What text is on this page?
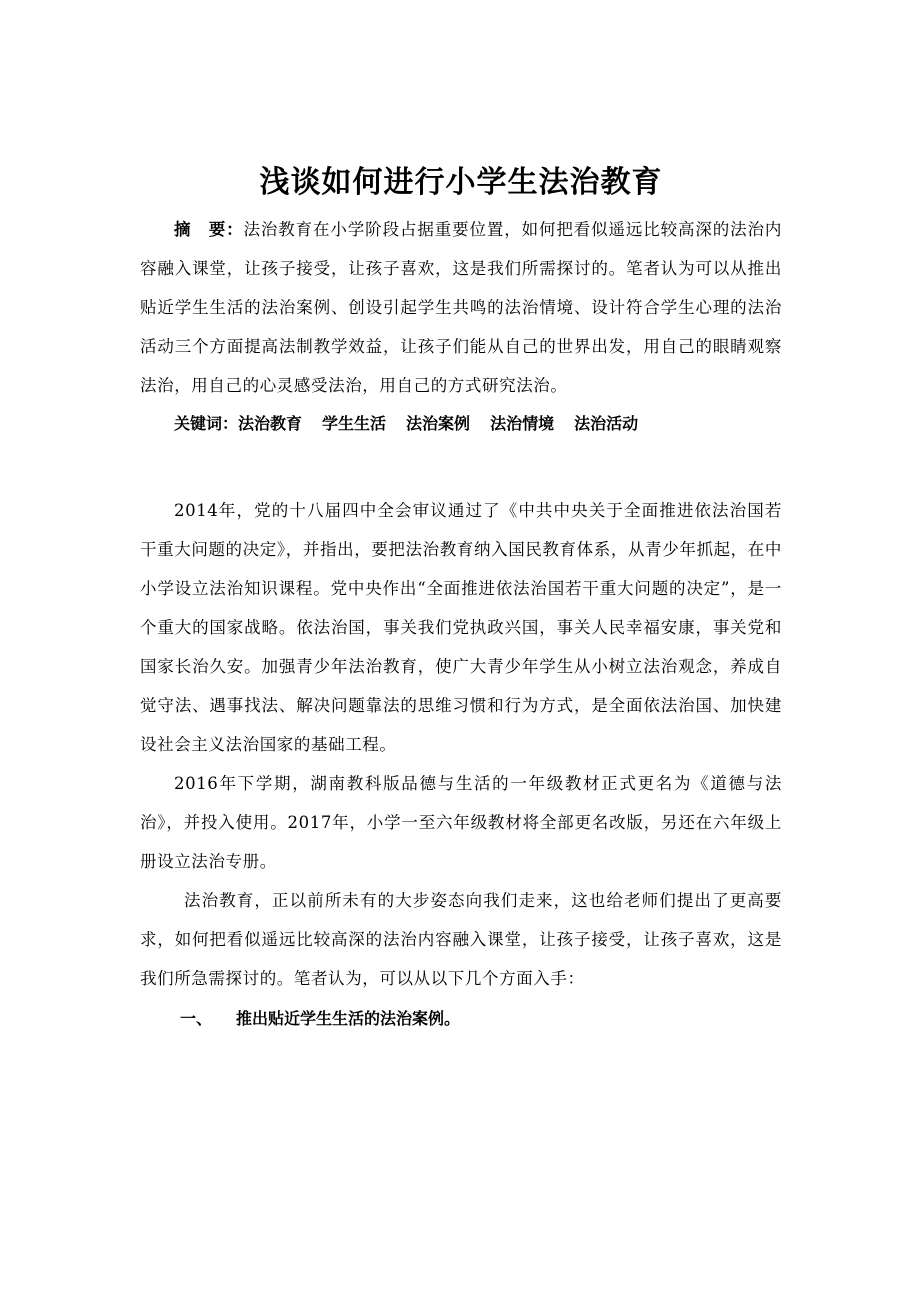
浅谈如何进行小学生法治教育

摘　要：法治教育在小学阶段占据重要位置，如何把看似遥远比较高深的法治内容融入课堂，让孩子接受，让孩子喜欢，这是我们所需探讨的。笔者认为可以从推出贴近学生生活的法治案例、创设引起学生共鸣的法治情境、设计符合学生心理的法治活动三个方面提高法制教学效益，让孩子们能从自己的世界出发，用自己的眼睛观察法治，用自己的心灵感受法治，用自己的方式研究法治。

关键词：法治教育 学生生活 法治案例 法治情境 法治活动

2014年，党的十八届四中全会审议通过了《中共中央关于全面推进依法治国若干重大问题的决定》，并指出，要把法治教育纳入国民教育体系，从青少年抓起，在中小学设立法治知识课程。党中央作出“全面推进依法治国若干重大问题的决定”，是一个重大的国家战略。依法治国，事关我们党执政兴国，事关人民幸福安康，事关党和国家长治久安。加强青少年法治教育，使广大青少年学生从小树立法治观念，养成自觉守法、遇事找法、解决问题靠法的思维习惯和行为方式，是全面依法治国、加快建设社会主义法治国家的基础工程。

2016年下学期，湖南教科版品德与生活的一年级教材正式更名为《道德与法治》，并投入使用。2017年，小学一至六年级教材将全部更名改版，另还在六年级上册设立法治专册。

法治教育，正以前所未有的大步姿态向我们走来，这也给老师们提出了更高要求，如何把看似遥远比较高深的法治内容融入课堂，让孩子接受，让孩子喜欢，这是我们所急需探讨的。笔者认为，可以从以下几个方面入手：

一、 推出贴近学生生活的法治案例。
